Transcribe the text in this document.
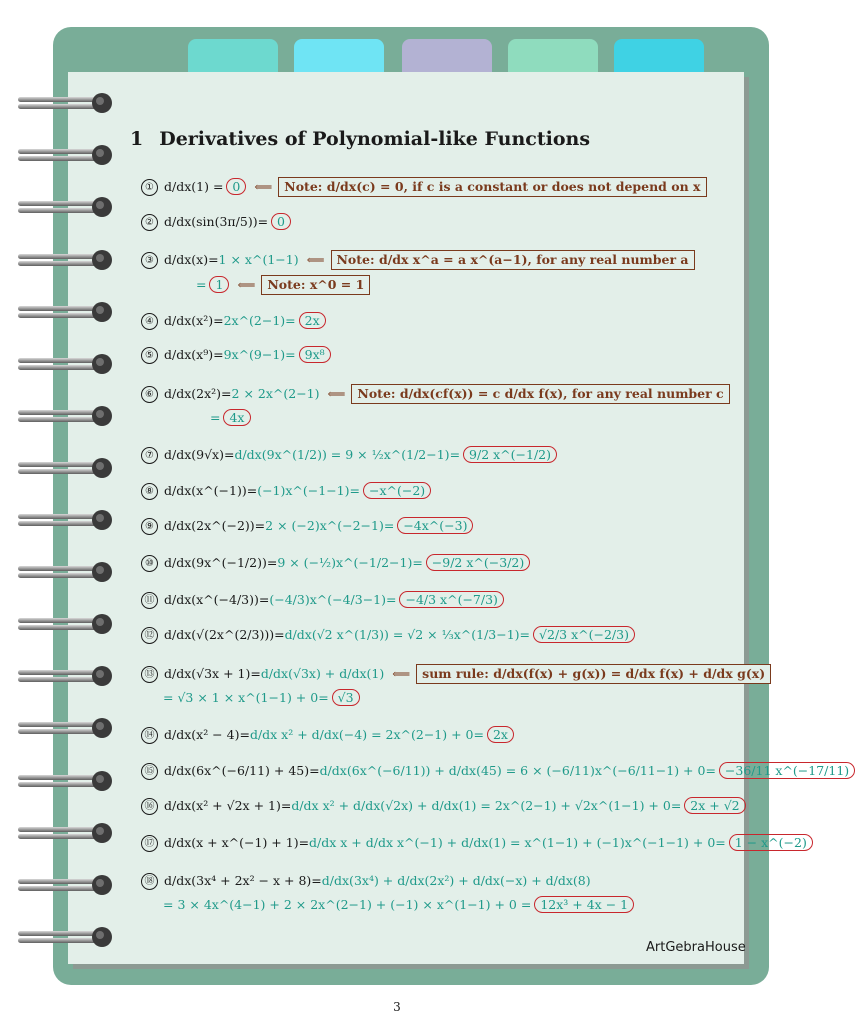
1 Derivatives of Polynomial-like Functions
① d/dx(1) = 0 ⟸ Note: d/dx(c) = 0, if c is a constant or does not depend on x
② d/dx(sin(3π/5))= 0
③ d/dx(x)=1 × x^(1−1) ⟸ Note: d/dx x^a = a x^(a−1), for any real number a
= 1 ⟸ Note: x^0 = 1
④ d/dx(x²)=2x^(2−1)= 2x
⑤ d/dx(x⁹)=9x^(9−1)= 9x⁸
⑥ d/dx(2x²)=2 × 2x^(2−1) ⟸ Note: d/dx(cf(x)) = c d/dx f(x), for any real number c
= 4x
⑦ d/dx(9√x)=d/dx(9x^(1/2)) = 9 × ½x^(1/2−1)= 9/2 x^(−1/2)
⑧ d/dx(x^(−1))=(−1)x^(−1−1)= −x^(−2)
⑨ d/dx(2x^(−2))=2 × (−2)x^(−2−1)= −4x^(−3)
⑩ d/dx(9x^(−1/2))=9 × (−½)x^(−1/2−1)= −9/2 x^(−3/2)
⑪ d/dx(x^(−4/3))=(−4/3)x^(−4/3−1)= −4/3 x^(−7/3)
⑫ d/dx(√(2x^(2/3)))=d/dx(√2 x^(1/3)) = √2 × ⅓x^(1/3−1)= √2/3 x^(−2/3)
⑬ d/dx(√3x + 1)=d/dx(√3x) + d/dx(1) ⟸ sum rule: d/dx(f(x) + g(x)) = d/dx f(x) + d/dx g(x)
= √3 × 1 × x^(1−1) + 0= √3
⑭ d/dx(x² − 4)=d/dx x² + d/dx(−4) = 2x^(2−1) + 0= 2x
⑮ d/dx(6x^(−6/11) + 45)=d/dx(6x^(−6/11)) + d/dx(45) = 6 × (−6/11)x^(−6/11−1) + 0= −36/11 x^(−17/11)
⑯ d/dx(x² + √2x + 1)=d/dx x² + d/dx(√2x) + d/dx(1) = 2x^(2−1) + √2x^(1−1) + 0= 2x + √2
⑰ d/dx(x + x^(−1) + 1)=d/dx x + d/dx x^(−1) + d/dx(1) = x^(1−1) + (−1)x^(−1−1) + 0= 1 − x^(−2)
⑱ d/dx(3x⁴ + 2x² − x + 8)=d/dx(3x⁴) + d/dx(2x²) + d/dx(−x) + d/dx(8)
= 3 × 4x^(4−1) + 2 × 2x^(2−1) + (−1) × x^(1−1) + 0 = 12x³ + 4x − 1
ArtGebraHouse
3
